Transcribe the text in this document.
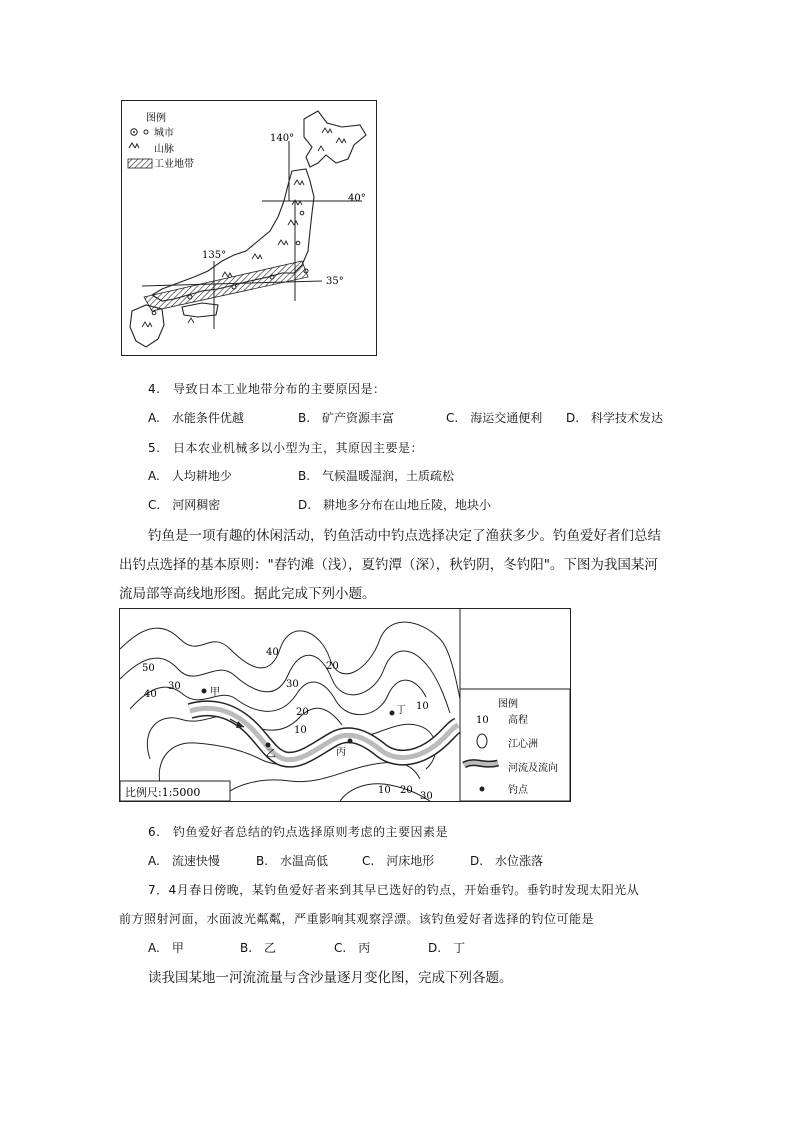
图例
城市
山脉
工业地带
140°
40°
135°
35°
4.　导致日本工业地带分布的主要原因是：
A.　水能条件优越	B.　矿产资源丰富	C.　海运交通便利 D.　科学技术发达
5.　日本农业机械多以小型为主，其原因主要是：
A.　人均耕地少	B.　气候温暖湿润，土质疏松
C.　河网稠密	D.　耕地多分布在山地丘陵，地块小
钓鱼是一项有趣的休闲活动，钓鱼活动中钓点选择决定了渔获多少。钓鱼爱好者们总结
出钓点选择的基本原则："春钓滩（浅），夏钓潭（深），秋钓阴，冬钓阳"。下图为我国某河
流局部等高线地形图。据此完成下列小题。
50
40
30
40
30
20
20
10
10
10 20
30
甲
乙	丙
丁
比例尺:1:5000
图例
10 高程
江心洲
河流及流向
钓点
6.　钓鱼爱好者总结的钓点选择原则考虑的主要因素是
A.　流速快慢	B.　水温高低	C.　河床地形	D.　水位涨落
7．4月春日傍晚，某钓鱼爱好者来到其早已选好的钓点，开始垂钓。垂钓时发现太阳光从
前方照射河面，水面波光粼粼，严重影响其观察浮漂。该钓鱼爱好者选择的钓位可能是
A.　甲	B.　乙	C.　丙	D.　丁
读我国某地一河流流量与含沙量逐月变化图，完成下列各题。
